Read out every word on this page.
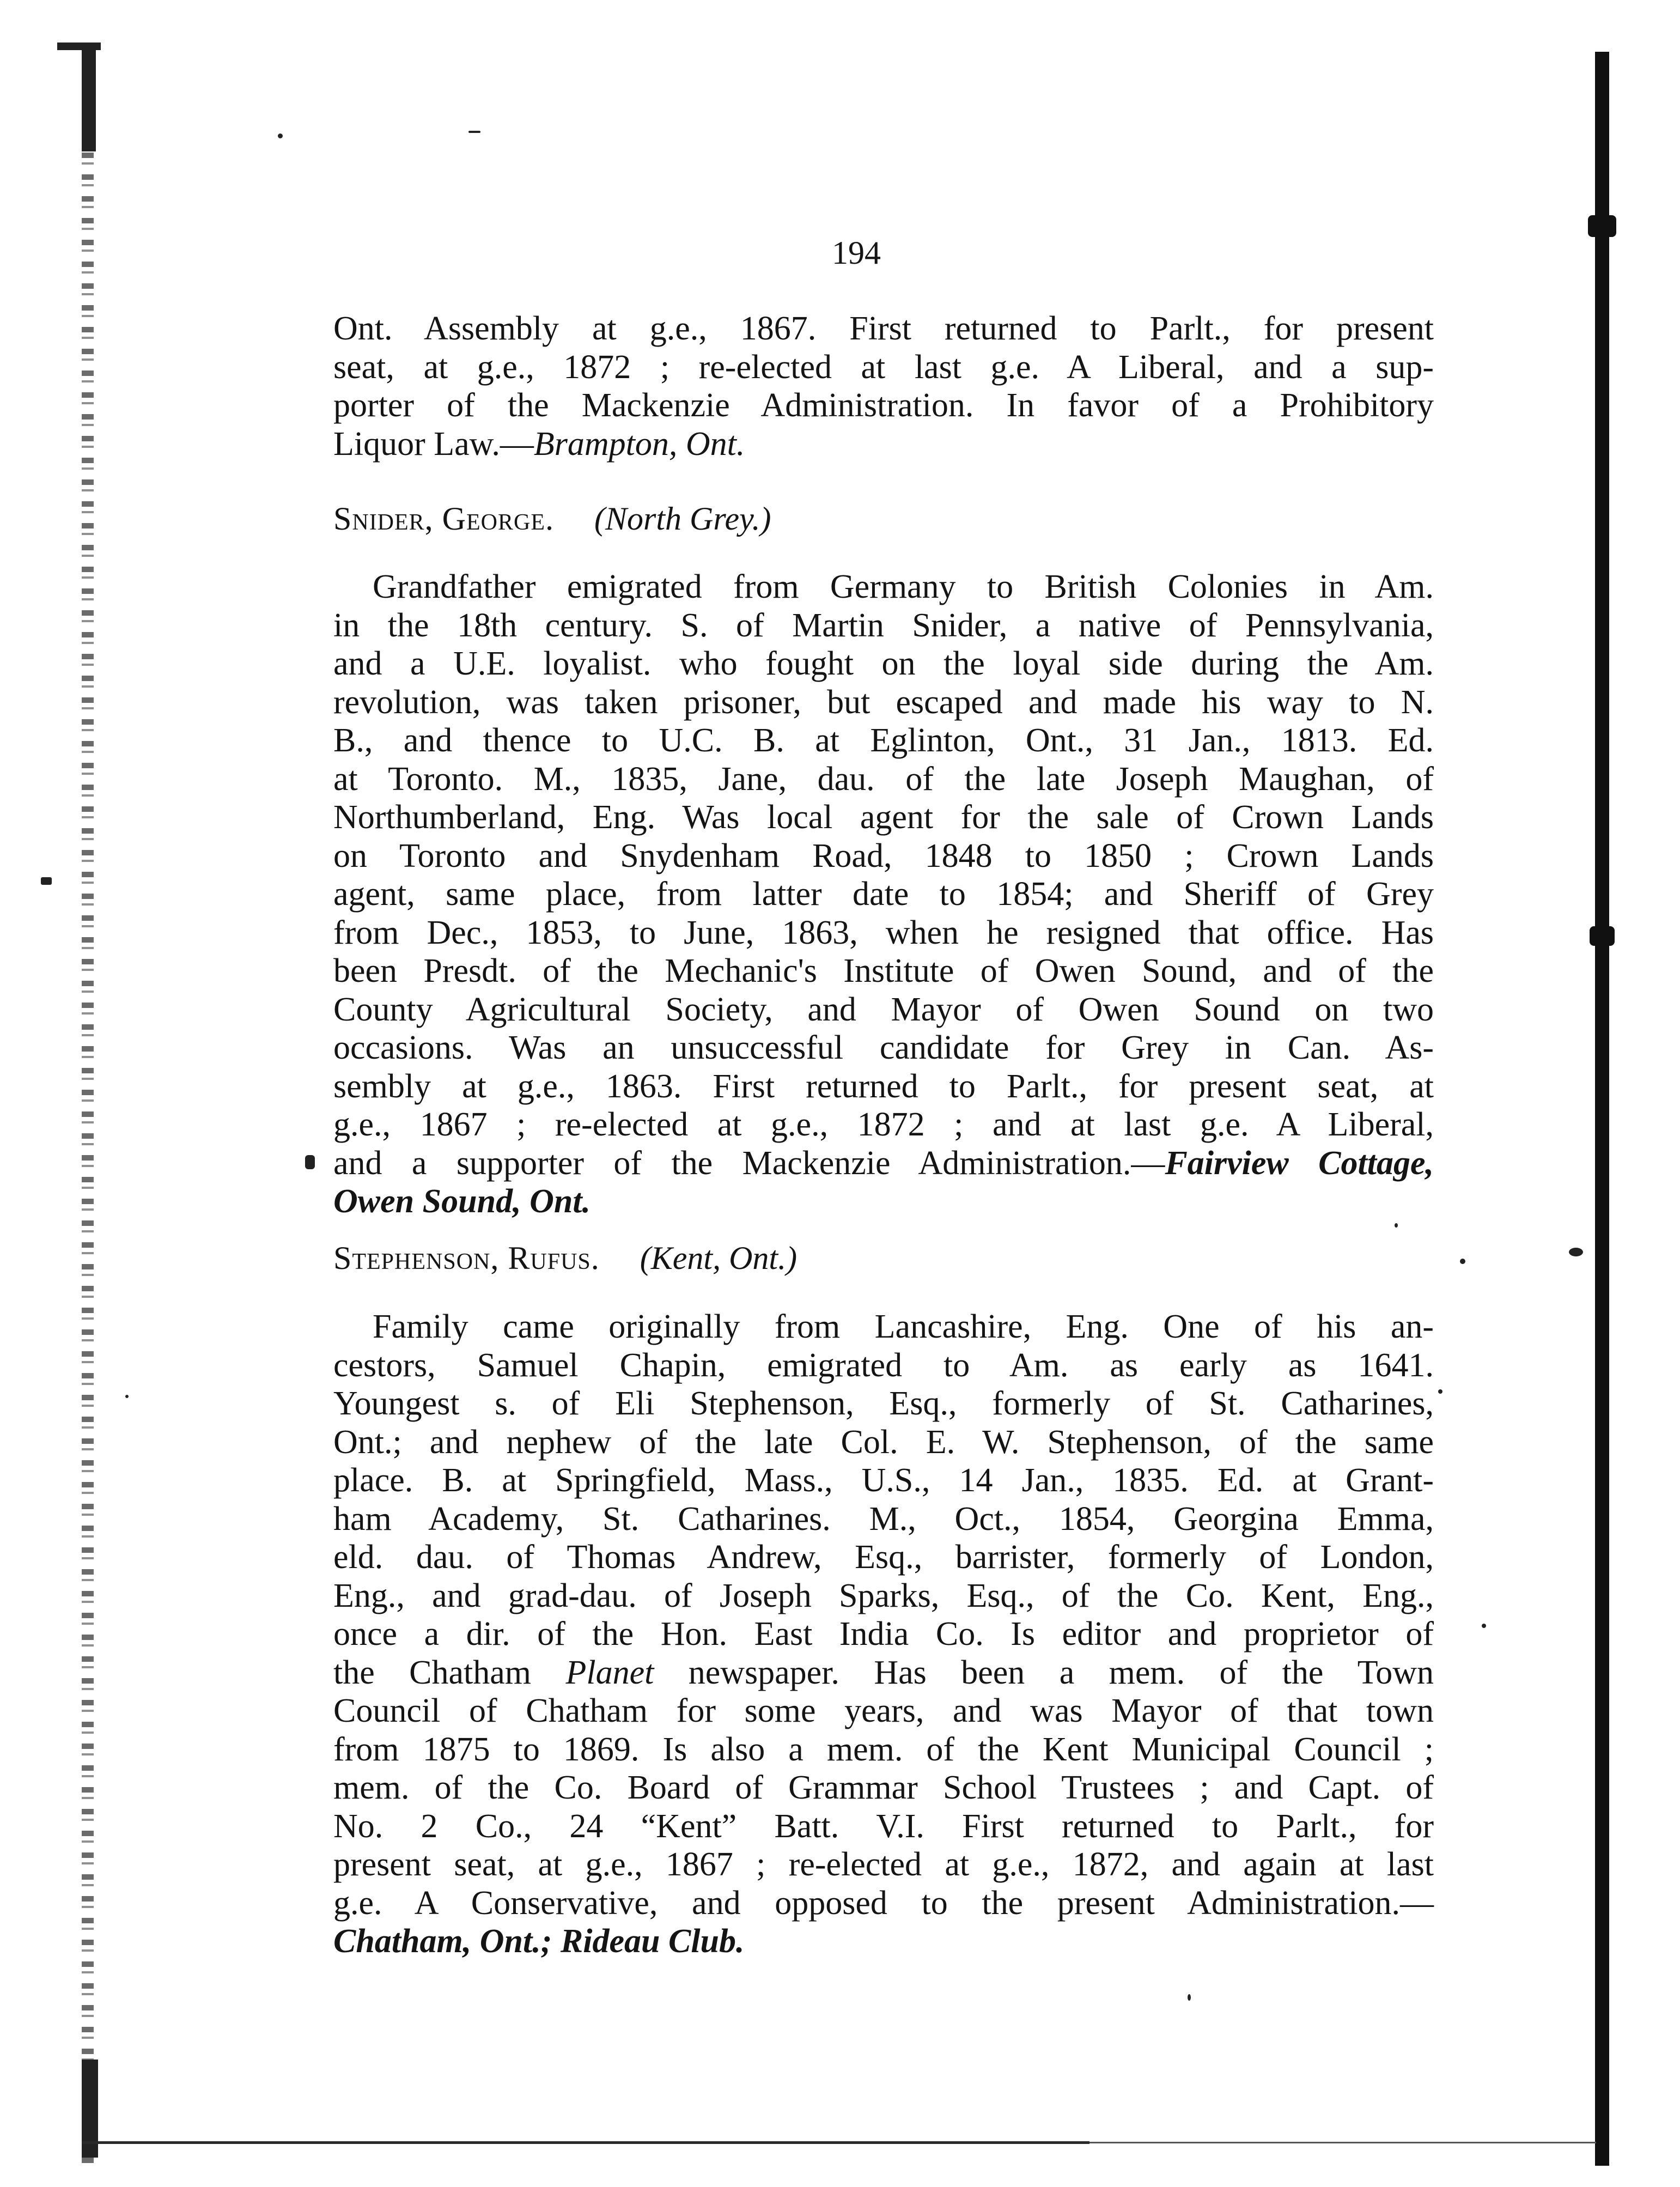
194
Ont. Assembly at g.e., 1867. First returned to Parlt., for present
seat, at g.e., 1872 ; re-elected at last g.e. A Liberal, and a sup-
porter of the Mackenzie Administration. In favor of a Prohibitory
Liquor Law.—Brampton, Ont.
Snider, George. (North Grey.)
Grandfather emigrated from Germany to British Colonies in Am.
in the 18th century. S. of Martin Snider, a native of Pennsylvania,
and a U.E. loyalist. who fought on the loyal side during the Am.
revolution, was taken prisoner, but escaped and made his way to N.
B., and thence to U.C. B. at Eglinton, Ont., 31 Jan., 1813. Ed.
at Toronto. M., 1835, Jane, dau. of the late Joseph Maughan, of
Northumberland, Eng. Was local agent for the sale of Crown Lands
on Toronto and Snydenham Road, 1848 to 1850 ; Crown Lands
agent, same place, from latter date to 1854; and Sheriff of Grey
from Dec., 1853, to June, 1863, when he resigned that office. Has
been Presdt. of the Mechanic's Institute of Owen Sound, and of the
County Agricultural Society, and Mayor of Owen Sound on two
occasions. Was an unsuccessful candidate for Grey in Can. As-
sembly at g.e., 1863. First returned to Parlt., for present seat, at
g.e., 1867 ; re-elected at g.e., 1872 ; and at last g.e. A Liberal,
and a supporter of the Mackenzie Administration.—Fairview Cottage,
Owen Sound, Ont.
Stephenson, Rufus. (Kent, Ont.)
Family came originally from Lancashire, Eng. One of his an-
cestors, Samuel Chapin, emigrated to Am. as early as 1641.
Youngest s. of Eli Stephenson, Esq., formerly of St. Catharines,
Ont.; and nephew of the late Col. E. W. Stephenson, of the same
place. B. at Springfield, Mass., U.S., 14 Jan., 1835. Ed. at Grant-
ham Academy, St. Catharines. M., Oct., 1854, Georgina Emma,
eld. dau. of Thomas Andrew, Esq., barrister, formerly of London,
Eng., and grad-dau. of Joseph Sparks, Esq., of the Co. Kent, Eng.,
once a dir. of the Hon. East India Co. Is editor and proprietor of
the Chatham Planet newspaper. Has been a mem. of the Town
Council of Chatham for some years, and was Mayor of that town
from 1875 to 1869. Is also a mem. of the Kent Municipal Council ;
mem. of the Co. Board of Grammar School Trustees ; and Capt. of
No. 2 Co., 24 “Kent” Batt. V.I. First returned to Parlt., for
present seat, at g.e., 1867 ; re-elected at g.e., 1872, and again at last
g.e. A Conservative, and opposed to the present Administration.—
Chatham, Ont.; Rideau Club.
